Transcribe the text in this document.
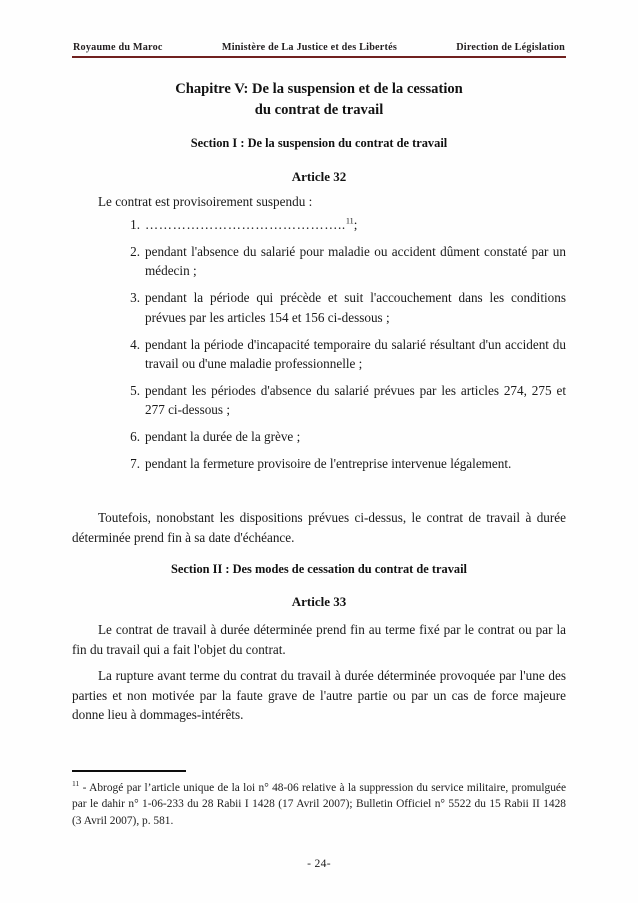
Royaume du Maroc	Ministère de La Justice et des Libertés	Direction de Législation
Chapitre V: De la suspension et de la cessation
du contrat de travail
Section I : De la suspension du contrat de travail
Article 32
Le contrat est provisoirement suspendu :
1. ……………………………………..$^{11}$;
2. pendant l'absence du salarié pour maladie ou accident dûment constaté par un médecin ;
3. pendant la période qui précède et suit l'accouchement dans les conditions prévues par les articles 154 et 156 ci-dessous ;
4. pendant la période d'incapacité temporaire du salarié résultant d'un accident du travail ou d'une maladie professionnelle ;
5. pendant les périodes d'absence du salarié prévues par les articles 274, 275 et 277 ci-dessous ;
6. pendant la durée de la grève ;
7. pendant la fermeture provisoire de l'entreprise intervenue légalement.
Toutefois, nonobstant les dispositions prévues ci-dessus, le contrat de travail à durée déterminée prend fin à sa date d'échéance.
Section II : Des modes de cessation du contrat de travail
Article 33
Le contrat de travail à durée déterminée prend fin au terme fixé par le contrat ou par la fin du travail qui a fait l'objet du contrat.
La rupture avant terme du contrat du travail à durée déterminée provoquée par l'une des parties et non motivée par la faute grave de l'autre partie ou par un cas de force majeure donne lieu à dommages-intérêts.
$^{11}$ - Abrogé par l’article unique de la loi n° 48-06 relative à la suppression du service militaire, promulguée par le dahir n° 1-06-233 du 28 Rabii I 1428 (17 Avril 2007); Bulletin Officiel n° 5522 du 15 Rabii II 1428 (3 Avril 2007), p. 581.
- 24-
